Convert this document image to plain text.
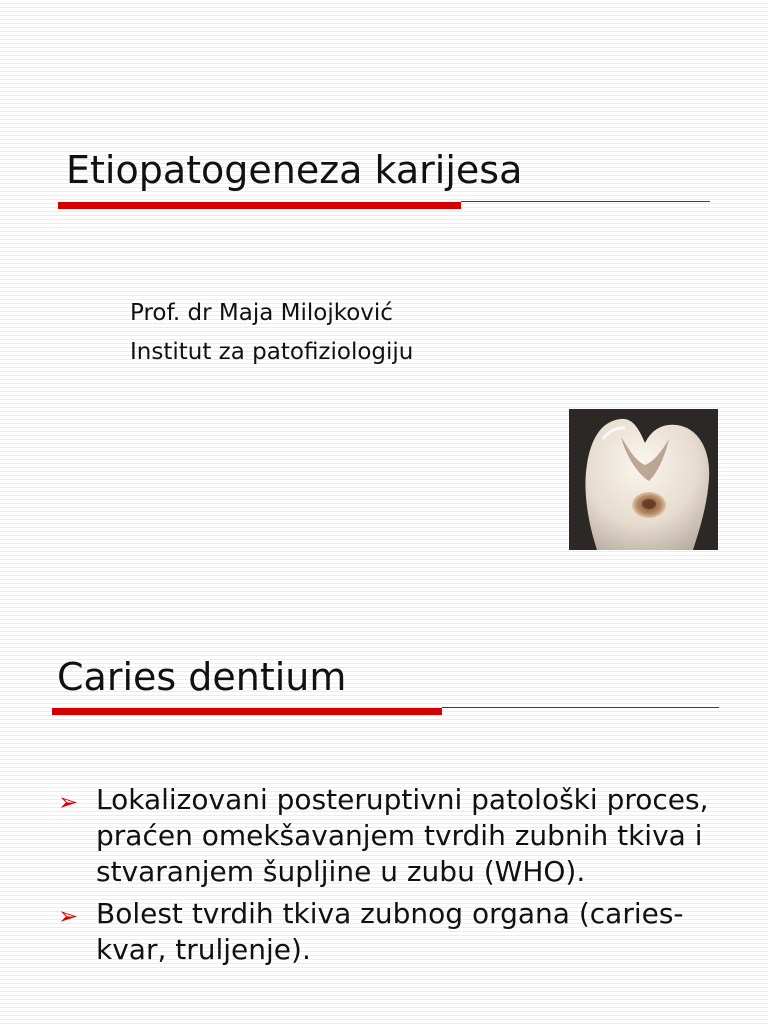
Etiopatogeneza karijesa
Prof. dr Maja Milojković
Institut za patofiziologiju
Caries dentium
➢ Lokalizovani posteruptivni patološki proces, praćen omekšavanjem tvrdih zubnih tkiva i stvaranjem šupljine u zubu (WHO).
➢ Bolest tvrdih tkiva zubnog organa (caries-kvar, truljenje).
